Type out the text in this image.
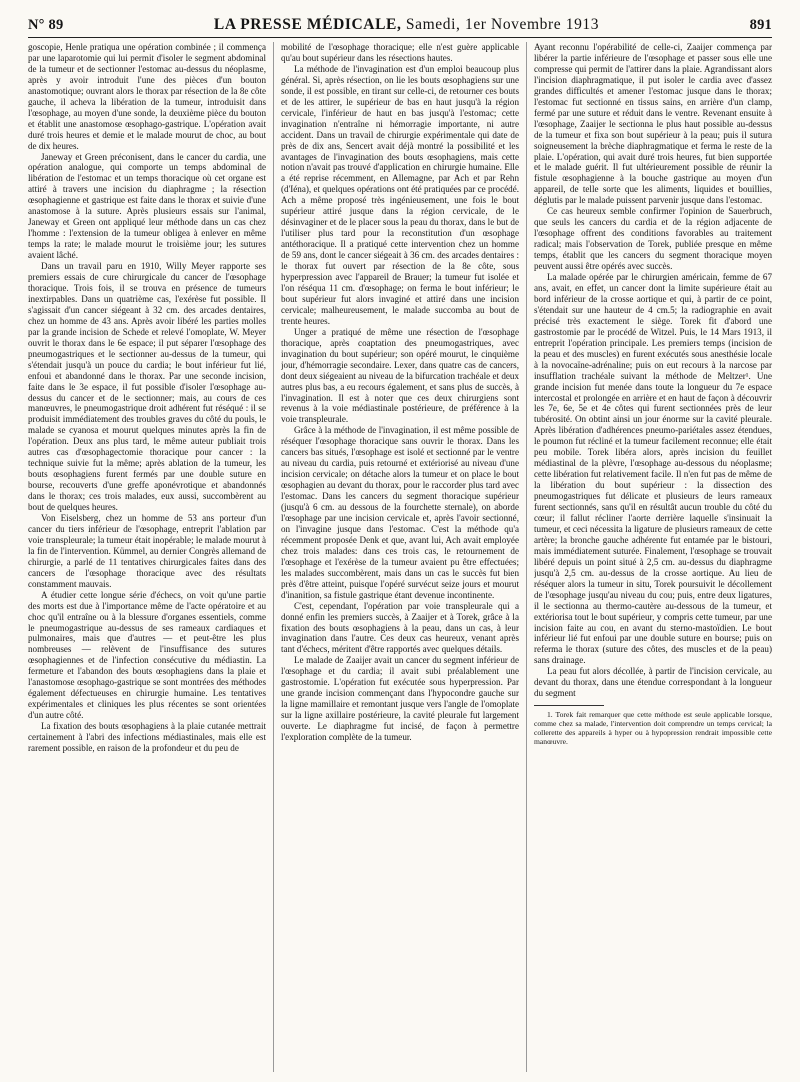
N° 89	LA PRESSE MÉDICALE, Samedi, 1er Novembre 1913	891

goscopie, Henle pratiqua une opération combinée ; il commença par une laparotomie qui lui permit d'isoler le segment abdominal de la tumeur et de sectionner l'estomac au-dessus du néoplasme, après y avoir introduit l'une des pièces d'un bouton anastomotique; ouvrant alors le thorax par résection de la 8e côte gauche, il acheva la libération de la tumeur, introduisit dans l'œsophage, au moyen d'une sonde, la deuxième pièce du bouton et établit une anastomose œsophago-gastrique. L'opération avait duré trois heures et demie et le malade mourut de choc, au bout de dix heures.

Janeway et Green préconisent, dans le cancer du cardia, une opération analogue, qui comporte un temps abdominal de libération de l'estomac et un temps thoracique où cet organe est attiré à travers une incision du diaphragme ; la résection œsophagienne et gastrique est faite dans le thorax et suivie d'une anastomose à la suture. Après plusieurs essais sur l'animal, Janeway et Green ont appliqué leur méthode dans un cas chez l'homme : l'extension de la tumeur obligea à enlever en même temps la rate; le malade mourut le troisième jour; les sutures avaient lâché.

Dans un travail paru en 1910, Willy Meyer rapporte ses premiers essais de cure chirurgicale du cancer de l'œsophage thoracique. Trois fois, il se trouva en présence de tumeurs inextirpables. Dans un quatrième cas, l'exérèse fut possible. Il s'agissait d'un cancer siégeant à 32 cm. des arcades dentaires, chez un homme de 43 ans. Après avoir libéré les parties molles par la grande incision de Schede et relevé l'omoplate, W. Meyer ouvrit le thorax dans le 6e espace; il put séparer l'œsophage des pneumogastriques et le sectionner au-dessus de la tumeur, qui s'étendait jusqu'à un pouce du cardia; le bout inférieur fut lié, enfoui et abandonné dans le thorax. Par une seconde incision, faite dans le 3e espace, il fut possible d'isoler l'œsophage au-dessus du cancer et de le sectionner; mais, au cours de ces manœuvres, le pneumogastrique droit adhérent fut réséqué : il se produisit immédiatement des troubles graves du côté du pouls, le malade se cyanosa et mourut quelques minutes après la fin de l'opération. Deux ans plus tard, le même auteur publiait trois autres cas d'œsophagectomie thoracique pour cancer : la technique suivie fut la même; après ablation de la tumeur, les bouts œsophagiens furent fermés par une double suture en bourse, recouverts d'une greffe aponévrotique et abandonnés dans le thorax; ces trois malades, eux aussi, succombèrent au bout de quelques heures.

Von Eiselsberg, chez un homme de 53 ans porteur d'un cancer du tiers inférieur de l'œsophage, entreprit l'ablation par voie transpleurale; la tumeur était inopérable; le malade mourut à la fin de l'intervention. Kümmel, au dernier Congrès allemand de chirurgie, a parlé de 11 tentatives chirurgicales faites dans des cancers de l'œsophage thoracique avec des résultats constamment mauvais.

A étudier cette longue série d'échecs, on voit qu'une partie des morts est due à l'importance même de l'acte opératoire et au choc qu'il entraîne ou à la blessure d'organes essentiels, comme le pneumogastrique au-dessus de ses rameaux cardiaques et pulmonaires, mais que d'autres — et peut-être les plus nombreuses — relèvent de l'insuffisance des sutures œsophagiennes et de l'infection consécutive du médiastin. La fermeture et l'abandon des bouts œsophagiens dans la plaie et l'anastomose œsophago-gastrique se sont montrées des méthodes également défectueuses en chirurgie humaine. Les tentatives expérimentales et cliniques les plus récentes se sont orientées d'un autre côté.

La fixation des bouts œsophagiens à la plaie cutanée mettrait certainement à l'abri des infections médiastinales, mais elle est rarement possible, en raison de la profondeur et du peu de

mobilité de l'œsophage thoracique; elle n'est guère applicable qu'au bout supérieur dans les résections hautes.

La méthode de l'invagination est d'un emploi beaucoup plus général. Si, après résection, on lie les bouts œsophagiens sur une sonde, il est possible, en tirant sur celle-ci, de retourner ces bouts et de les attirer, le supérieur de bas en haut jusqu'à la région cervicale, l'inférieur de haut en bas jusqu'à l'estomac; cette invagination n'entraîne ni hémorragie importante, ni autre accident. Dans un travail de chirurgie expérimentale qui date de près de dix ans, Sencert avait déjà montré la possibilité et les avantages de l'invagination des bouts œsophagiens, mais cette notion n'avait pas trouvé d'application en chirurgie humaine. Elle a été reprise récemment, en Allemagne, par Ach et par Rehn (d'Iéna), et quelques opérations ont été pratiquées par ce procédé. Ach a même proposé très ingénieusement, une fois le bout supérieur attiré jusque dans la région cervicale, de le désinvaginer et de le placer sous la peau du thorax, dans le but de l'utiliser plus tard pour la reconstitution d'un œsophage antéthoracique. Il a pratiqué cette intervention chez un homme de 59 ans, dont le cancer siégeait à 36 cm. des arcades dentaires : le thorax fut ouvert par résection de la 8e côte, sous hyperpression avec l'appareil de Brauer; la tumeur fut isolée et l'on réséqua 11 cm. d'œsophage; on ferma le bout inférieur; le bout supérieur fut alors invaginé et attiré dans une incision cervicale; malheureusement, le malade succomba au bout de trente heures.

Unger a pratiqué de même une résection de l'œsophage thoracique, après coaptation des pneumogastriques, avec invagination du bout supérieur; son opéré mourut, le cinquième jour, d'hémorragie secondaire. Lexer, dans quatre cas de cancers, dont deux siégeaient au niveau de la bifurcation trachéale et deux autres plus bas, a eu recours également, et sans plus de succès, à l'invagination. Il est à noter que ces deux chirurgiens sont revenus à la voie médiastinale postérieure, de préférence à la voie transpleurale.

Grâce à la méthode de l'invagination, il est même possible de réséquer l'œsophage thoracique sans ouvrir le thorax. Dans les cancers bas situés, l'œsophage est isolé et sectionné par le ventre au niveau du cardia, puis retourné et extériorisé au niveau d'une incision cervicale; on détache alors la tumeur et on place le bout œsophagien au devant du thorax, pour le raccorder plus tard avec l'estomac. Dans les cancers du segment thoracique supérieur (jusqu'à 6 cm. au dessous de la fourchette sternale), on aborde l'œsophage par une incision cervicale et, après l'avoir sectionné, on l'invagine jusque dans l'estomac. C'est la méthode qu'a récemment proposée Denk et que, avant lui, Ach avait employée chez trois malades: dans ces trois cas, le retournement de l'œsophage et l'exérèse de la tumeur avaient pu être effectuées; les malades succombèrent, mais dans un cas le succès fut bien près d'être atteint, puisque l'opéré survécut seize jours et mourut d'inanition, sa fistule gastrique étant devenue incontinente.

C'est, cependant, l'opération par voie transpleurale qui a donné enfin les premiers succès, à Zaaijer et à Torek, grâce à la fixation des bouts œsophagiens à la peau, dans un cas, à leur invagination dans l'autre. Ces deux cas heureux, venant après tant d'échecs, méritent d'être rapportés avec quelques détails.

Le malade de Zaaijer avait un cancer du segment inférieur de l'œsophage et du cardia; il avait subi préalablement une gastrostomie. L'opération fut exécutée sous hyperpression. Par une grande incision commençant dans l'hypocondre gauche sur la ligne mamillaire et remontant jusque vers l'angle de l'omoplate sur la ligne axillaire postérieure, la cavité pleurale fut largement ouverte. Le diaphragme fut incisé, de façon à permettre l'exploration complète de la tumeur.

Ayant reconnu l'opérabilité de celle-ci, Zaaijer commença par libérer la partie inférieure de l'œsophage et passer sous elle une compresse qui permit de l'attirer dans la plaie. Agrandissant alors l'incision diaphragmatique, il put isoler le cardia avec d'assez grandes difficultés et amener l'estomac jusque dans le thorax; l'estomac fut sectionné en tissus sains, en arrière d'un clamp, fermé par une suture et réduit dans le ventre. Revenant ensuite à l'œsophage, Zaaijer le sectionna le plus haut possible au-dessus de la tumeur et fixa son bout supérieur à la peau; puis il sutura soigneusement la brèche diaphragmatique et ferma le reste de la plaie. L'opération, qui avait duré trois heures, fut bien supportée et le malade guérit. Il fut ultérieurement possible de réunir la fistule œsophagienne à la bouche gastrique au moyen d'un appareil, de telle sorte que les aliments, liquides et bouillies, déglutis par le malade puissent parvenir jusque dans l'estomac.

Ce cas heureux semble confirmer l'opinion de Sauerbruch, que seuls les cancers du cardia et de la région adjacente de l'œsophage offrent des conditions favorables au traitement radical; mais l'observation de Torek, publiée presque en même temps, établit que les cancers du segment thoracique moyen peuvent aussi être opérés avec succès.

La malade opérée par le chirurgien américain, femme de 67 ans, avait, en effet, un cancer dont la limite supérieure était au bord inférieur de la crosse aortique et qui, à partir de ce point, s'étendait sur une hauteur de 4 cm.5; la radiographie en avait précisé très exactement le siège. Torek fit d'abord une gastrostomie par le procédé de Witzel. Puis, le 14 Mars 1913, il entreprit l'opération principale. Les premiers temps (incision de la peau et des muscles) en furent exécutés sous anesthésie locale à la novocaïne-adrénaline; puis on eut recours à la narcose par insufflation trachéale suivant la méthode de Meltzer¹. Une grande incision fut menée dans toute la longueur du 7e espace intercostal et prolongée en arrière et en haut de façon à découvrir les 7e, 6e, 5e et 4e côtes qui furent sectionnées près de leur tubérosité. On obtint ainsi un jour énorme sur la cavité pleurale. Après libération d'adhérences pneumo-pariétales assez étendues, le poumon fut récliné et la tumeur facilement reconnue; elle était peu mobile. Torek libéra alors, après incision du feuillet médiastinal de la plèvre, l'œsophage au-dessous du néoplasme; cette libération fut relativement facile. Il n'en fut pas de même de la libération du bout supérieur : la dissection des pneumogastriques fut délicate et plusieurs de leurs rameaux furent sectionnés, sans qu'il en résultât aucun trouble du côté du cœur; il fallut récliner l'aorte derrière laquelle s'insinuait la tumeur, et ceci nécessita la ligature de plusieurs rameaux de cette artère; la bronche gauche adhérente fut entamée par le bistouri, mais immédiatement suturée. Finalement, l'œsophage se trouvait libéré depuis un point situé à 2,5 cm. au-dessus du diaphragme jusqu'à 2,5 cm. au-dessus de la crosse aortique. Au lieu de réséquer alors la tumeur in situ, Torek poursuivit le décollement de l'œsophage jusqu'au niveau du cou; puis, entre deux ligatures, il le sectionna au thermo-cautère au-dessous de la tumeur, et extériorisa tout le bout supérieur, y compris cette tumeur, par une incision faite au cou, en avant du sterno-mastoïdien. Le bout inférieur lié fut enfoui par une double suture en bourse; puis on referma le thorax (suture des côtes, des muscles et de la peau) sans drainage.

La peau fut alors décollée, à partir de l'incision cervicale, au devant du thorax, dans une étendue correspondant à la longueur du segment

1. Torek fait remarquer que cette méthode est seule applicable lorsque, comme chez sa malade, l'intervention doit comprendre un temps cervical; la collerette des appareils à hyper ou à hypopression rendrait impossible cette manœuvre.
